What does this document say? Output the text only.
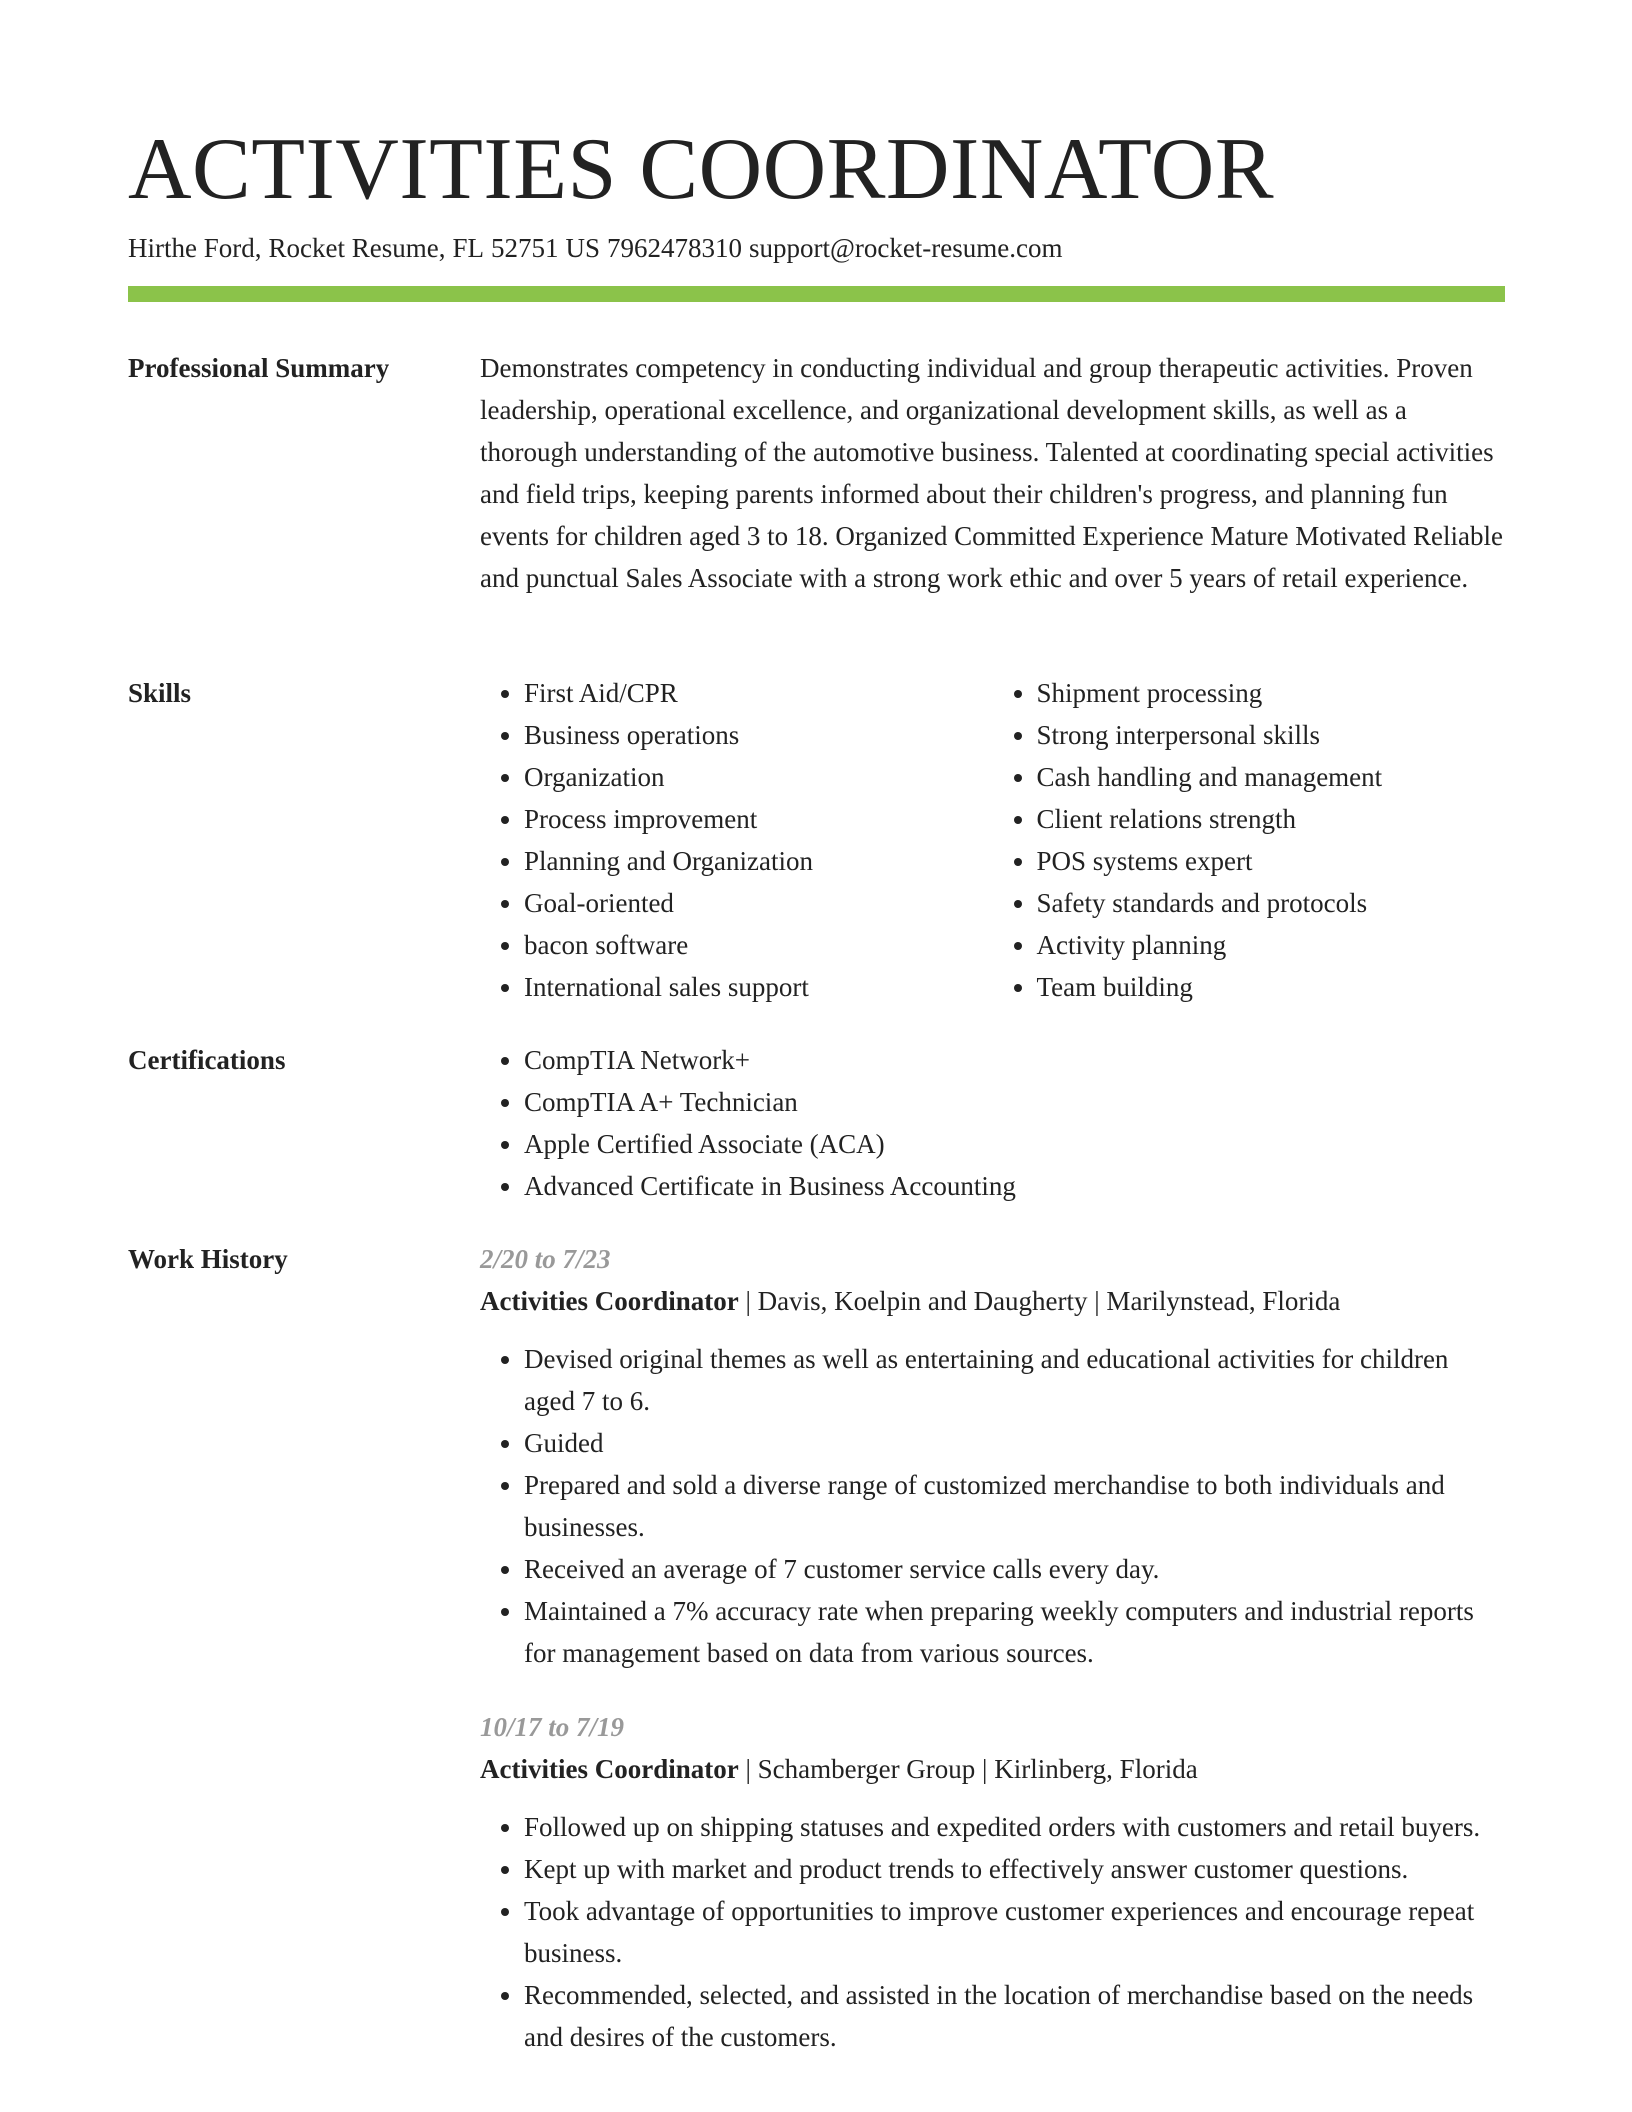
ACTIVITIES COORDINATOR
Hirthe Ford, Rocket Resume, FL 52751 US 7962478310 support@rocket-resume.com
Professional Summary	Demonstrates competency in conducting individual and group therapeutic activities. Proven leadership, operational excellence, and organizational development skills, as well as a thorough understanding of the automotive business. Talented at coordinating special activities and field trips, keeping parents informed about their children's progress, and planning fun events for children aged 3 to 18. Organized Committed Experience Mature Motivated Reliable and punctual Sales Associate with a strong work ethic and over 5 years of retail experience.

Skills	• First Aid/CPR
• Business operations
• Organization
• Process improvement
• Planning and Organization
• Goal-oriented
• bacon software
• International sales support
• Shipment processing
• Strong interpersonal skills
• Cash handling and management
• Client relations strength
• POS systems expert
• Safety standards and protocols
• Activity planning
• Team building
Certifications	• CompTIA Network+
• CompTIA A+ Technician
• Apple Certified Associate (ACA)
• Advanced Certificate in Business Accounting
Work History	2/20 to 7/23

Activities Coordinator | Davis, Koelpin and Daugherty | Marilynstead, Florida

• Devised original themes as well as entertaining and educational activities for children aged 7 to 6.
• Guided
• Prepared and sold a diverse range of customized merchandise to both individuals and businesses.
• Received an average of 7 customer service calls every day.
• Maintained a 7% accuracy rate when preparing weekly computers and industrial reports for management based on data from various sources.
10/17 to 7/19

Activities Coordinator | Schamberger Group | Kirlinberg, Florida

• Followed up on shipping statuses and expedited orders with customers and retail buyers.
• Kept up with market and product trends to effectively answer customer questions.
• Took advantage of opportunities to improve customer experiences and encourage repeat business.
• Recommended, selected, and assisted in the location of merchandise based on the needs and desires of the customers.
